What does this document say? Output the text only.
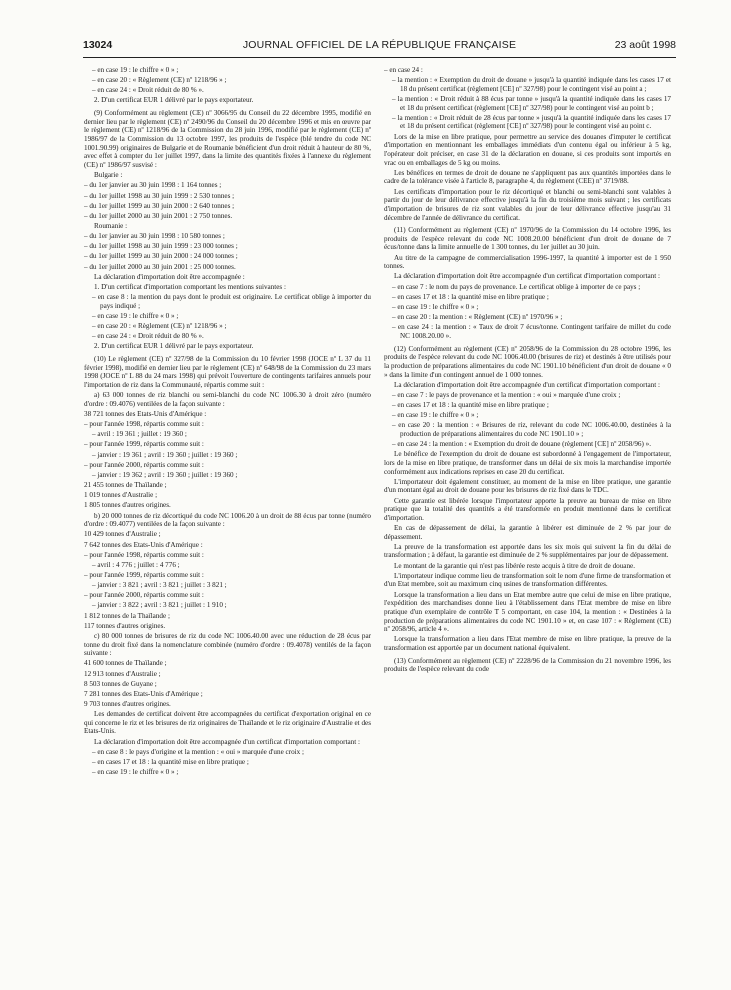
13024	JOURNAL OFFICIEL DE LA RÉPUBLIQUE FRANÇAISE	23 août 1998

– en case 19 : le chiffre « 0 » ;

– en case 20 : « Règlement (CE) nº 1218/96 » ;

– en case 24 : « Droit réduit de 80 % ».

2. D'un certificat EUR 1 délivré par le pays exportateur.

(9) Conformément au règlement (CE) nº 3066/95 du Conseil du 22 décembre 1995, modifié en dernier lieu par le règlement (CE) nº 2490/96 du Conseil du 20 décembre 1996 et mis en œuvre par le règlement (CE) nº 1218/96 de la Commission du 28 juin 1996, modifié par le règlement (CE) nº 1986/97 de la Commission du 13 octobre 1997, les produits de l'espèce (blé tendre du code NC 1001.90.99) originaires de Bulgarie et de Roumanie bénéficient d'un droit réduit à hauteur de 80 %, avec effet à compter du 1er juillet 1997, dans la limite des quantités fixées à l'annexe du règlement (CE) nº 1986/97 susvisé :

Bulgarie :

– du 1er janvier au 30 juin 1998 : 1 164 tonnes ;

– du 1er juillet 1998 au 30 juin 1999 : 2 530 tonnes ;

– du 1er juillet 1999 au 30 juin 2000 : 2 640 tonnes ;

– du 1er juillet 2000 au 30 juin 2001 : 2 750 tonnes.

Roumanie :

– du 1er janvier au 30 juin 1998 : 10 580 tonnes ;

– du 1er juillet 1998 au 30 juin 1999 : 23 000 tonnes ;

– du 1er juillet 1999 au 30 juin 2000 : 24 000 tonnes ;

– du 1er juillet 2000 au 30 juin 2001 : 25 000 tonnes.

La déclaration d'importation doit être accompagnée :

1. D'un certificat d'importation comportant les mentions suivantes :

– en case 8 : la mention du pays dont le produit est originaire. Le certificat oblige à importer du pays indiqué ;

– en case 19 : le chiffre « 0 » ;

– en case 20 : « Règlement (CE) nº 1218/96 » ;

– en case 24 : « Droit réduit de 80 % ».

2. D'un certificat EUR 1 délivré par le pays exportateur.

(10) Le règlement (CE) nº 327/98 de la Commission du 10 février 1998 (JOCE nº L 37 du 11 février 1998), modifié en dernier lieu par le règlement (CE) nº 648/98 de la Commission du 23 mars 1998 (JOCE nº L 88 du 24 mars 1998) qui prévoit l'ouverture de contingents tarifaires annuels pour l'importation de riz dans la Communauté, répartis comme suit :

a) 63 000 tonnes de riz blanchi ou semi-blanchi du code NC 1006.30 à droit zéro (numéro d'ordre : 09.4076) ventilées de la façon suivante :

38 721 tonnes des Etats-Unis d'Amérique :

– pour l'année 1998, répartis comme suit :

– avril : 19 361 ; juillet : 19 360 ;

– pour l'année 1999, répartis comme suit :

– janvier : 19 361 ; avril : 19 360 ; juillet : 19 360 ;

– pour l'année 2000, répartis comme suit :

– janvier : 19 362 ; avril : 19 360 ; juillet : 19 360 ;

21 455 tonnes de Thaïlande ;

1 019 tonnes d'Australie ;

1 805 tonnes d'autres origines.

b) 20 000 tonnes de riz décortiqué du code NC 1006.20 à un droit de 88 écus par tonne (numéro d'ordre : 09.4077) ventilées de la façon suivante :

10 429 tonnes d'Australie ;

7 642 tonnes des Etats-Unis d'Amérique :

– pour l'année 1998, répartis comme suit :

– avril : 4 776 ; juillet : 4 776 ;

– pour l'année 1999, répartis comme suit :

– janvier : 3 821 ; avril : 3 821 ; juillet : 3 821 ;

– pour l'année 2000, répartis comme suit :

– janvier : 3 822 ; avril : 3 821 ; juillet : 1 910 ;

1 812 tonnes de la Thaïlande ;

117 tonnes d'autres origines.

c) 80 000 tonnes de brisures de riz du code NC 1006.40.00 avec une réduction de 28 écus par tonne du droit fixé dans la nomenclature combinée (numéro d'ordre : 09.4078) ventilés de la façon suivante :

41 600 tonnes de Thaïlande ;

12 913 tonnes d'Australie ;

8 503 tonnes de Guyane ;

7 281 tonnes des Etats-Unis d'Amérique ;

9 703 tonnes d'autres origines.

Les demandes de certificat doivent être accompagnées du certificat d'exportation original en ce qui concerne le riz et les brisures de riz originaires de Thaïlande et le riz originaire d'Australie et des Etats-Unis.

La déclaration d'importation doit être accompagnée d'un certificat d'importation comportant :

– en case 8 : le pays d'origine et la mention : « oui » marquée d'une croix ;

– en cases 17 et 18 : la quantité mise en libre pratique ;

– en case 19 : le chiffre « 0 » ;

– en case 24 :

– la mention : « Exemption du droit de douane » jusqu'à la quantité indiquée dans les cases 17 et 18 du présent certificat (règlement [CE] nº 327/98) pour le contingent visé au point a ;

– la mention : « Droit réduit à 88 écus par tonne » jusqu'à la quantité indiquée dans les cases 17 et 18 du présent certificat (règlement [CE] nº 327/98) pour le contingent visé au point b ;

– la mention : « Droit réduit de 28 écus par tonne » jusqu'à la quantité indiquée dans les cases 17 et 18 du présent certificat (règlement [CE] nº 327/98) pour le contingent visé au point c.

Lors de la mise en libre pratique, pour permettre au service des douanes d'imputer le certificat d'importation en mentionnant les emballages immédiats d'un contenu égal ou inférieur à 5 kg, l'opérateur doit préciser, en case 31 de la déclaration en douane, si ces produits sont importés en vrac ou en emballages de 5 kg ou moins.

Les bénéfices en termes de droit de douane ne s'appliquent pas aux quantités importées dans le cadre de la tolérance visée à l'article 8, paragraphe 4, du règlement (CEE) nº 3719/88.

Les certificats d'importation pour le riz décortiqué et blanchi ou semi-blanchi sont valables à partir du jour de leur délivrance effective jusqu'à la fin du troisième mois suivant ; les certificats d'importation de brisures de riz sont valables du jour de leur délivrance effective jusqu'au 31 décembre de l'année de délivrance du certificat.

(11) Conformément au règlement (CE) nº 1970/96 de la Commission du 14 octobre 1996, les produits de l'espèce relevant du code NC 1008.20.00 bénéficient d'un droit de douane de 7 écus/tonne dans la limite annuelle de 1 300 tonnes, du 1er juillet au 30 juin.

Au titre de la campagne de commercialisation 1996-1997, la quantité à importer est de 1 950 tonnes.

La déclaration d'importation doit être accompagnée d'un certificat d'importation comportant :

– en case 7 : le nom du pays de provenance. Le certificat oblige à importer de ce pays ;

– en cases 17 et 18 : la quantité mise en libre pratique ;

– en case 19 : le chiffre « 0 » ;

– en case 20 : la mention : « Règlement (CE) nº 1970/96 » ;

– en case 24 : la mention : « Taux de droit 7 écus/tonne. Contingent tarifaire de millet du code NC 1008.20.00 ».

(12) Conformément au règlement (CE) nº 2058/96 de la Commission du 28 octobre 1996, les produits de l'espèce relevant du code NC 1006.40.00 (brisures de riz) et destinés à être utilisés pour la production de préparations alimentaires du code NC 1901.10 bénéficient d'un droit de douane « 0 » dans la limite d'un contingent annuel de 1 000 tonnes.

La déclaration d'importation doit être accompagnée d'un certificat d'importation comportant :

– en case 7 : le pays de provenance et la mention : « oui » marquée d'une croix ;

– en cases 17 et 18 : la quantité mise en libre pratique ;

– en case 19 : le chiffre « 0 » ;

– en case 20 : la mention : « Brisures de riz, relevant du code NC 1006.40.00, destinées à la production de préparations alimentaires du code NC 1901.10 » ;

– en case 24 : la mention : « Exemption du droit de douane (règlement [CE] nº 2058/96) ».

Le bénéfice de l'exemption du droit de douane est subordonné à l'engagement de l'importateur, lors de la mise en libre pratique, de transformer dans un délai de six mois la marchandise importée conformément aux indications reprises en case 20 du certificat.

L'importateur doit également constituer, au moment de la mise en libre pratique, une garantie d'un montant égal au droit de douane pour les brisures de riz fixé dans le TDC.

Cette garantie est libérée lorsque l'importateur apporte la preuve au bureau de mise en libre pratique que la totalité des quantités a été transformée en produit mentionné dans le certificat d'importation.

En cas de dépassement de délai, la garantie à libérer est diminuée de 2 % par jour de dépassement.

La preuve de la transformation est apportée dans les six mois qui suivent la fin du délai de transformation ; à défaut, la garantie est diminuée de 2 % supplémentaires par jour de dépassement.

Le montant de la garantie qui n'est pas libérée reste acquis à titre de droit de douane.

L'importateur indique comme lieu de transformation soit le nom d'une firme de transformation et d'un Etat membre, soit au maximum cinq usines de transformation différentes.

Lorsque la transformation a lieu dans un Etat membre autre que celui de mise en libre pratique, l'expédition des marchandises donne lieu à l'établissement dans l'Etat membre de mise en libre pratique d'un exemplaire de contrôle T 5 comportant, en case 104, la mention : « Destinées à la production de préparations alimentaires du code NC 1901.10 » et, en case 107 : « Règlement (CE) nº 2058/96, article 4 ».

Lorsque la transformation a lieu dans l'Etat membre de mise en libre pratique, la preuve de la transformation est apportée par un document national équivalent.

(13) Conformément au règlement (CE) nº 2228/96 de la Commission du 21 novembre 1996, les produits de l'espèce relevant du code
